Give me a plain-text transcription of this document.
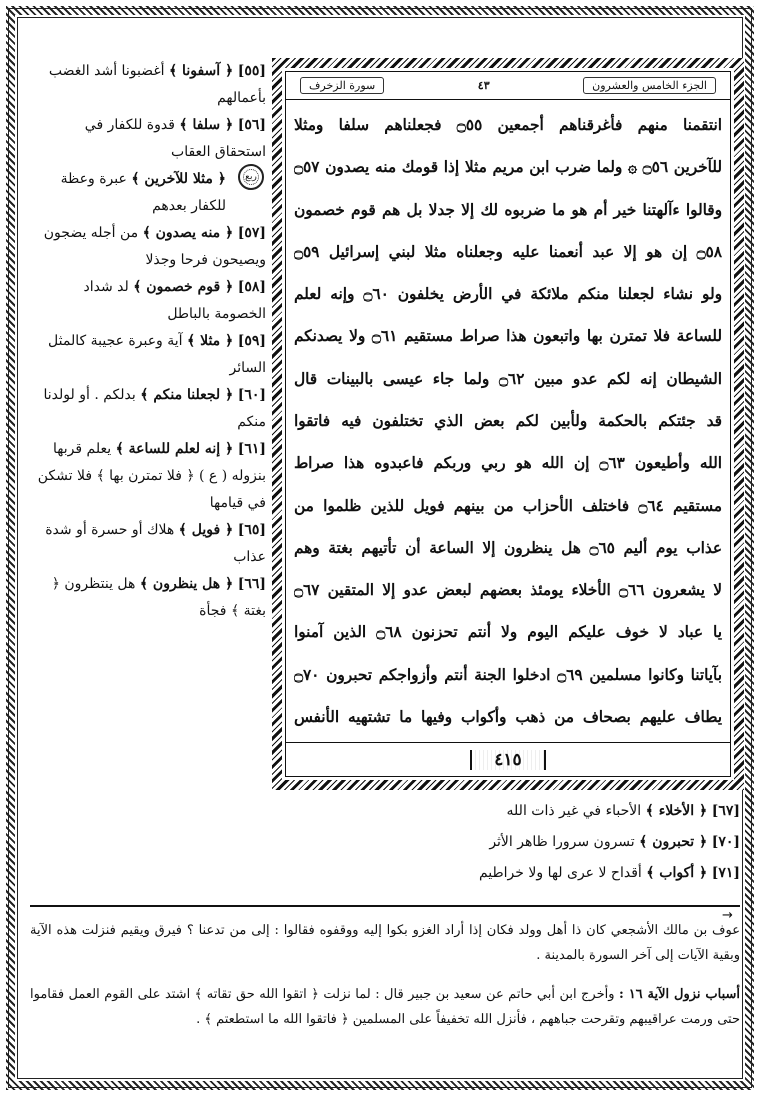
[٥٥] ﴿ آسفونا ﴾ أغضبونا أشد الغضب بأعمالهم
[٥٦] ﴿ سلفا ﴾ قدوة للكفار في استحقاق العقاب
﴿ مثلا للآخرين ﴾ عبرة وعظة للكفار بعدهم
[٥٧] ﴿ منه يصدون ﴾ من أجله يضجون ويصيحون فرحا وجذلا
[٥٨] ﴿ قوم خصمون ﴾ لد شداد الخصومة بالباطل
[٥٩] ﴿ مثلا ﴾ آية وعبرة عجيبة كالمثل السائر
[٦٠] ﴿ لجعلنا منكم ﴾ بدلكم . أو لولدنا منكم
[٦١] ﴿ إنه لعلم للساعة ﴾ يعلم قربها بنزوله ( ع ) ﴿ فلا تمترن بها ﴾ فلا تشكن في قيامها
[٦٥] ﴿ فويل ﴾ هلاك أو حسرة أو شدة عذاب
[٦٦] ﴿ هل ينظرون ﴾ هل ينتظرون ﴿ بغتة ﴾ فجأة
ربع
الجزء الخامس والعشرون
٤٣
سورة الزخرف
انتقمنا منهم فأغرقناهم أجمعين ۝٥٥ فجعلناهم سلفا ومثلا
للآخرين ۝٥٦ ۞ ولما ضرب ابن مريم مثلا إذا قومك منه يصدون ۝٥٧
وقالوا ءآلهتنا خير أم هو ما ضربوه لك إلا جدلا بل هم قوم خصمون
۝٥٨ إن هو إلا عبد أنعمنا عليه وجعلناه مثلا لبني إسرائيل ۝٥٩
ولو نشاء لجعلنا منكم ملائكة في الأرض يخلفون ۝٦٠ وإنه لعلم
للساعة فلا تمترن بها واتبعون هذا صراط مستقيم ۝٦١ ولا يصدنكم
الشيطان إنه لكم عدو مبين ۝٦٢ ولما جاء عيسى بالبينات قال
قد جئتكم بالحكمة ولأبين لكم بعض الذي تختلفون فيه فاتقوا
الله وأطيعون ۝٦٣ إن الله هو ربي وربكم فاعبدوه هذا صراط
مستقيم ۝٦٤ فاختلف الأحزاب من بينهم فويل للذين ظلموا من
عذاب يوم أليم ۝٦٥ هل ينظرون إلا الساعة أن تأتيهم بغتة وهم
لا يشعرون ۝٦٦ الأخلاء يومئذ بعضهم لبعض عدو إلا المتقين ۝٦٧
يا عباد لا خوف عليكم اليوم ولا أنتم تحزنون ۝٦٨ الذين آمنوا
بآياتنا وكانوا مسلمين ۝٦٩ ادخلوا الجنة أنتم وأزواجكم تحبرون ۝٧٠
يطاف عليهم بصحاف من ذهب وأكواب وفيها ما تشتهيه الأنفس
٤١٥
[٦٧] ﴿ الأخلاء ﴾ الأحباء في غير ذات الله
[٧٠] ﴿ تحبرون ﴾ تسرون سرورا ظاهر الأثر
[٧١] ﴿ أكواب ﴾ أقداح لا عرى لها ولا خراطيم
→

عوف بن مالك الأشجعي كان ذا أهل وولد فكان إذا أراد الغزو بكوا إليه ووقفوه فقالوا : إلى من تدعنا ؟ فيرق ويقيم فنزلت هذه الآية وبقية الآيات إلى آخر السورة بالمدينة .

أسباب نزول الآية ١٦ : وأخرج ابن أبي حاتم عن سعيد بن جبير قال : لما نزلت ﴿ اتقوا الله حق تقاته ﴾ اشتد على القوم العمل فقاموا حتى ورمت عراقيبهم وتقرحت جباههم ، فأنزل الله تخفيفاً على المسلمين ﴿ فاتقوا الله ما استطعتم ﴾ .
